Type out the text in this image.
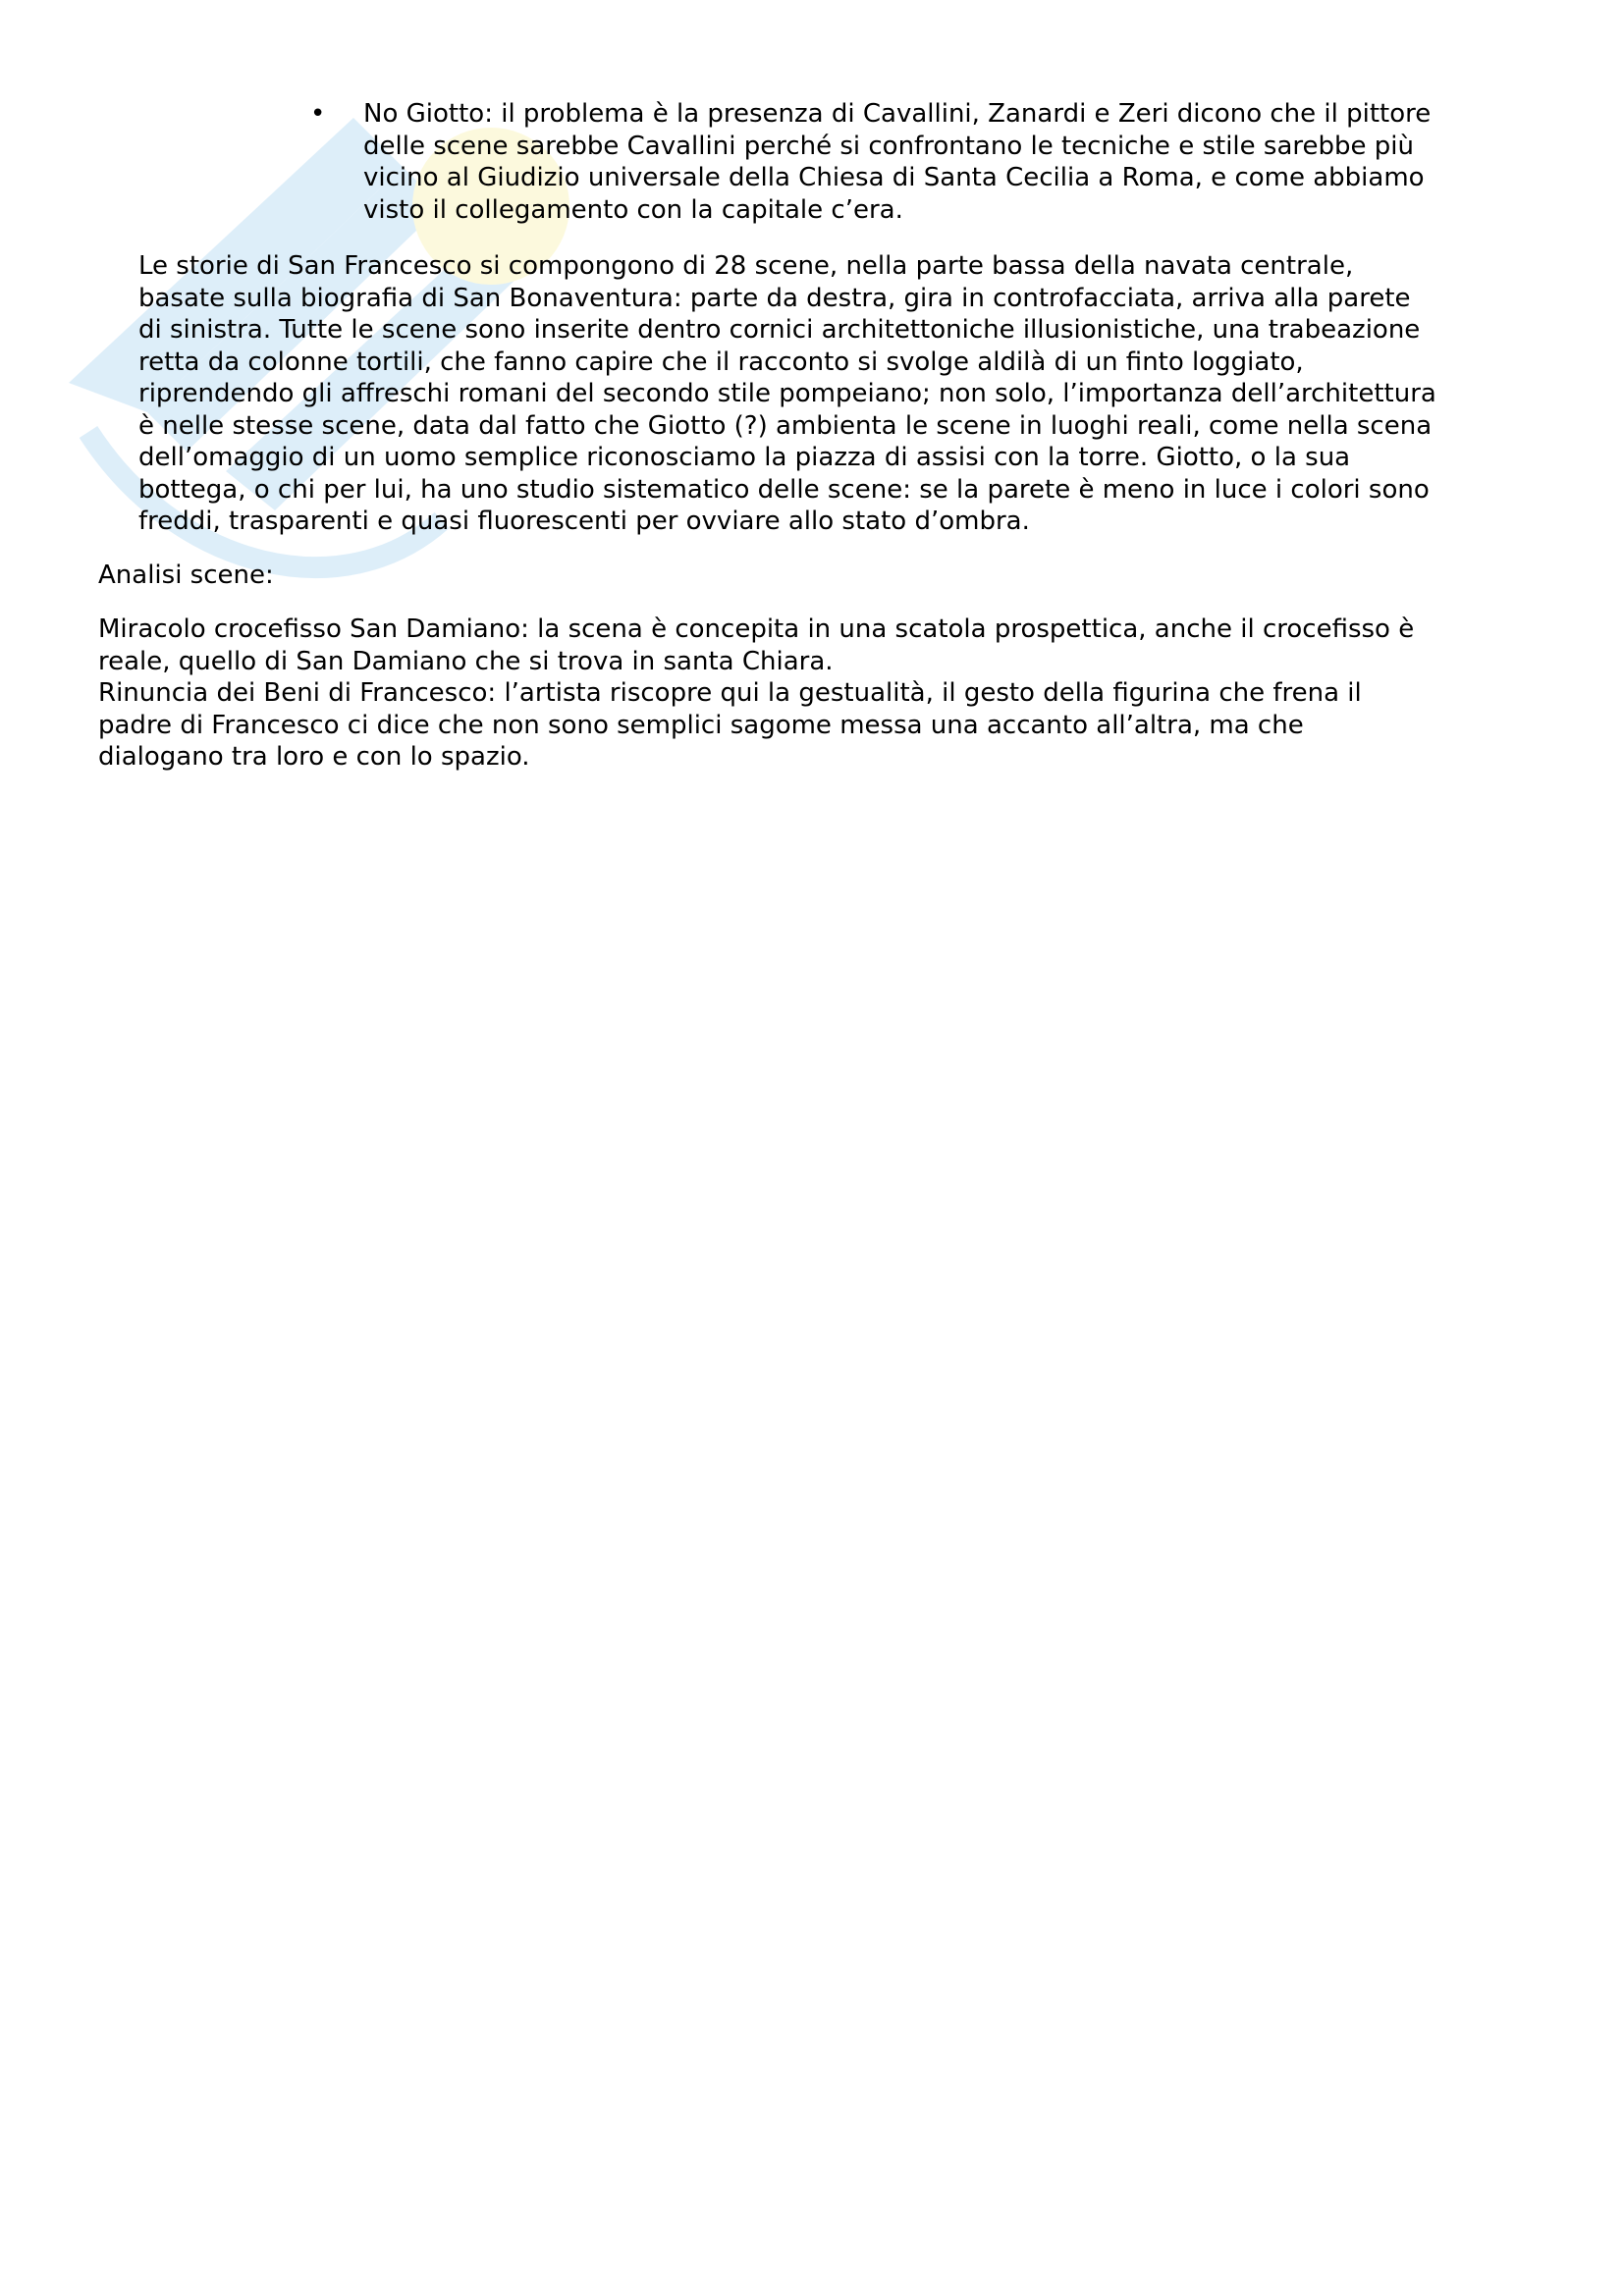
• No Giotto: il problema è la presenza di Cavallini, Zanardi e Zeri dicono che il pittore
delle scene sarebbe Cavallini perché si confrontano le tecniche e stile sarebbe più
vicino al Giudizio universale della Chiesa di Santa Cecilia a Roma, e come abbiamo
visto il collegamento con la capitale c’era.
Le storie di San Francesco si compongono di 28 scene, nella parte bassa della navata centrale,
basate sulla biografia di San Bonaventura: parte da destra, gira in controfacciata, arriva alla parete
di sinistra. Tutte le scene sono inserite dentro cornici architettoniche illusionistiche, una trabeazione
retta da colonne tortili, che fanno capire che il racconto si svolge aldilà di un finto loggiato,
riprendendo gli affreschi romani del secondo stile pompeiano; non solo, l’importanza dell’architettura
è nelle stesse scene, data dal fatto che Giotto (?) ambienta le scene in luoghi reali, come nella scena
dell’omaggio di un uomo semplice riconosciamo la piazza di assisi con la torre. Giotto, o la sua
bottega, o chi per lui, ha uno studio sistematico delle scene: se la parete è meno in luce i colori sono
freddi, trasparenti e quasi fluorescenti per ovviare allo stato d’ombra.
Analisi scene:
Miracolo crocefisso San Damiano: la scena è concepita in una scatola prospettica, anche il crocefisso è
reale, quello di San Damiano che si trova in santa Chiara.
Rinuncia dei Beni di Francesco: l’artista riscopre qui la gestualità, il gesto della figurina che frena il
padre di Francesco ci dice che non sono semplici sagome messa una accanto all’altra, ma che
dialogano tra loro e con lo spazio.
